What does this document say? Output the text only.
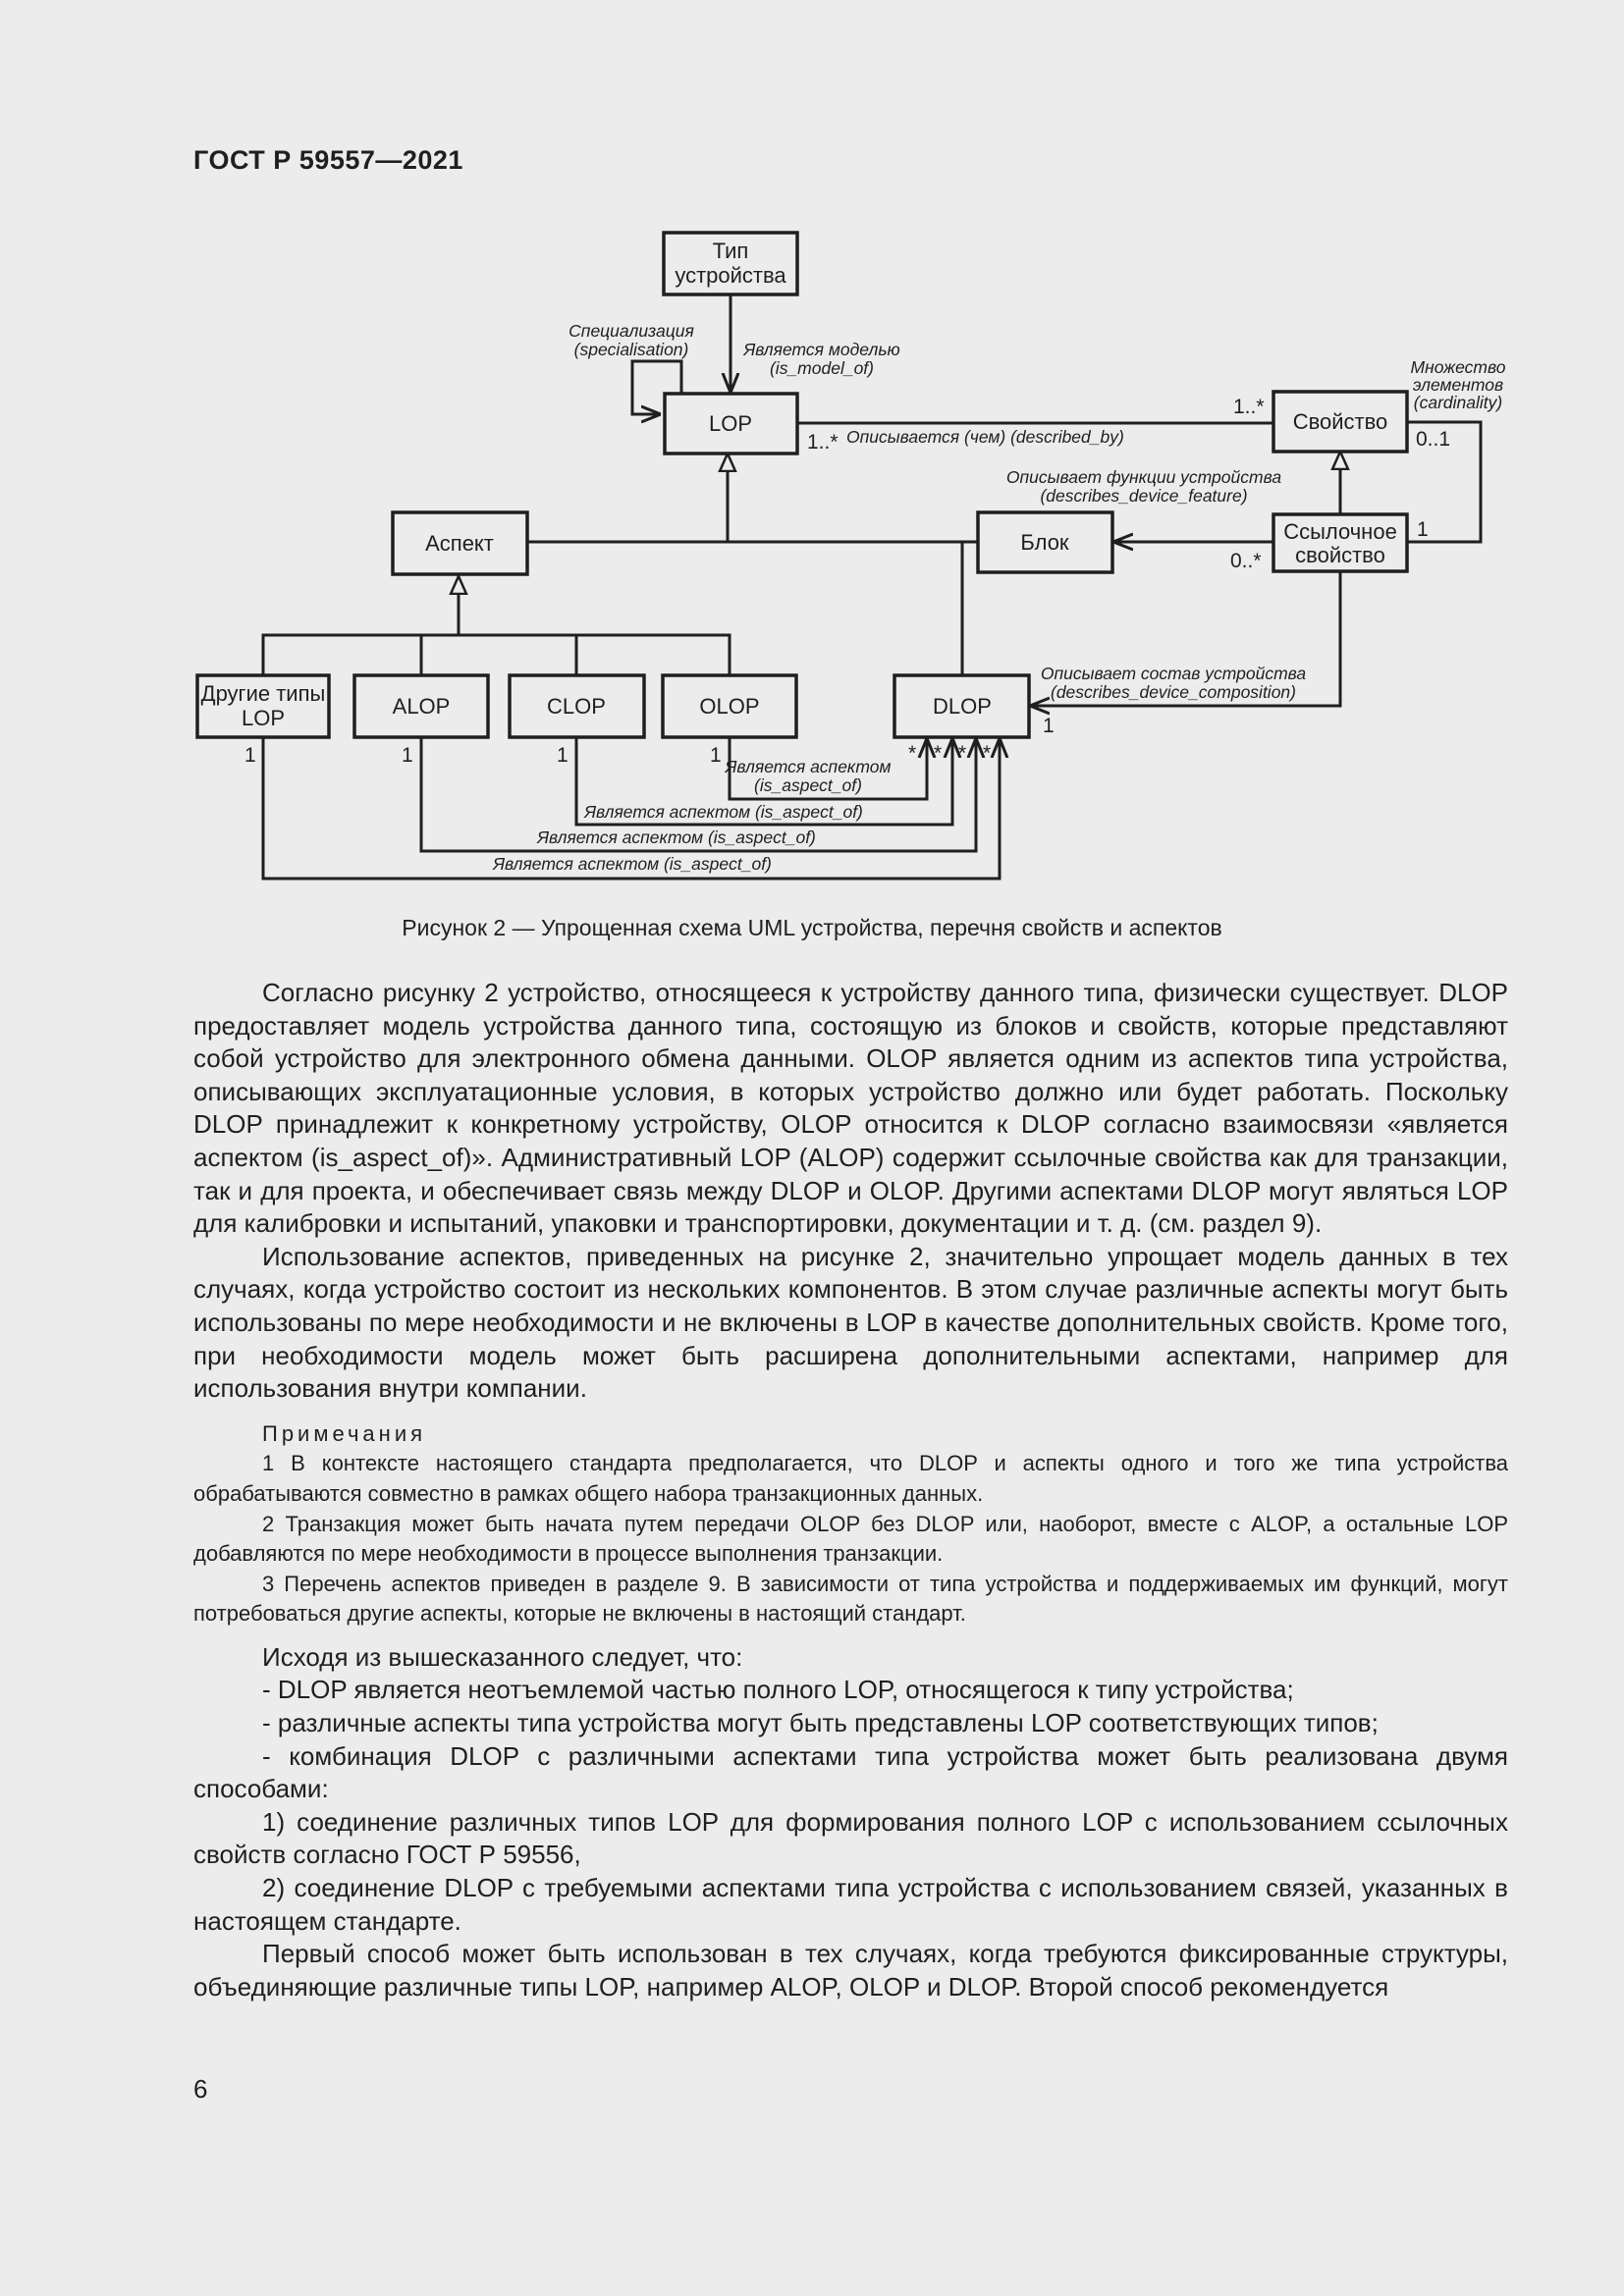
ГОСТ Р 59557—2021
Тип
устройства
LOP	Свойство
Аспект	Блок	Ссылочное
свойство
Другие типы
LOP	ALOP	CLOP	OLOP	DLOP
Специализация
(specialisation)	Является моделью
(is_model_of)	Множество
элементов
(cardinality)
Описывается (чем) (described_by)
Описывает функции устройства
(describes_device_feature)
Описывает состав устройства
(describes_device_composition)
Является аспектом
(is_aspect_of)
Является аспектом (is_aspect_of)
Является аспектом (is_aspect_of)
Является аспектом (is_aspect_of)
1..*
1..*
0..1
1
0..*
1
1	1	1	1	* * * *
Рисунок 2 — Упрощенная схема UML устройства, перечня свойств и аспектов

Согласно рисунку 2 устройство, относящееся к устройству данного типа, физически существует. DLOP предоставляет модель устройства данного типа, состоящую из блоков и свойств, которые представляют собой устройство для электронного обмена данными. OLOP является одним из аспектов типа устройства, описывающих эксплуатационные условия, в которых устройство должно или будет работать. Поскольку DLOP принадлежит к конкретному устройству, OLOP относится к DLOP согласно взаимосвязи «является аспектом (is_aspect_of)». Административный LOP (ALOP) содержит ссылочные свойства как для транзакции, так и для проекта, и обеспечивает связь между DLOP и OLOP. Другими аспектами DLOP могут являться LOP для калибровки и испытаний, упаковки и транспортировки, документации и т. д. (см. раздел 9).

Использование аспектов, приведенных на рисунке 2, значительно упрощает модель данных в тех случаях, когда устройство состоит из нескольких компонентов. В этом случае различные аспекты могут быть использованы по мере необходимости и не включены в LOP в качестве дополнительных свойств. Кроме того, при необходимости модель может быть расширена дополнительными аспектами, например для использования внутри компании.

Примечания

1 В контексте настоящего стандарта предполагается, что DLOP и аспекты одного и того же типа устройства обрабатываются совместно в рамках общего набора транзакционных данных.

2 Транзакция может быть начата путем передачи OLOP без DLOP или, наоборот, вместе с ALOP, а остальные LOP добавляются по мере необходимости в процессе выполнения транзакции.

3 Перечень аспектов приведен в разделе 9. В зависимости от типа устройства и поддерживаемых им функций, могут потребоваться другие аспекты, которые не включены в настоящий стандарт.

Исходя из вышесказанного следует, что:

- DLOP является неотъемлемой частью полного LOP, относящегося к типу устройства;

- различные аспекты типа устройства могут быть представлены LOP соответствующих типов;

- комбинация DLOP с различными аспектами типа устройства может быть реализована двумя способами:

1) соединение различных типов LOP для формирования полного LOP с использованием ссылочных свойств согласно ГОСТ Р 59556,

2) соединение DLOP с требуемыми аспектами типа устройства с использованием связей, указанных в настоящем стандарте.

Первый способ может быть использован в тех случаях, когда требуются фиксированные структуры, объединяющие различные типы LOP, например ALOP, OLOP и DLOP. Второй способ рекомендуется

6
